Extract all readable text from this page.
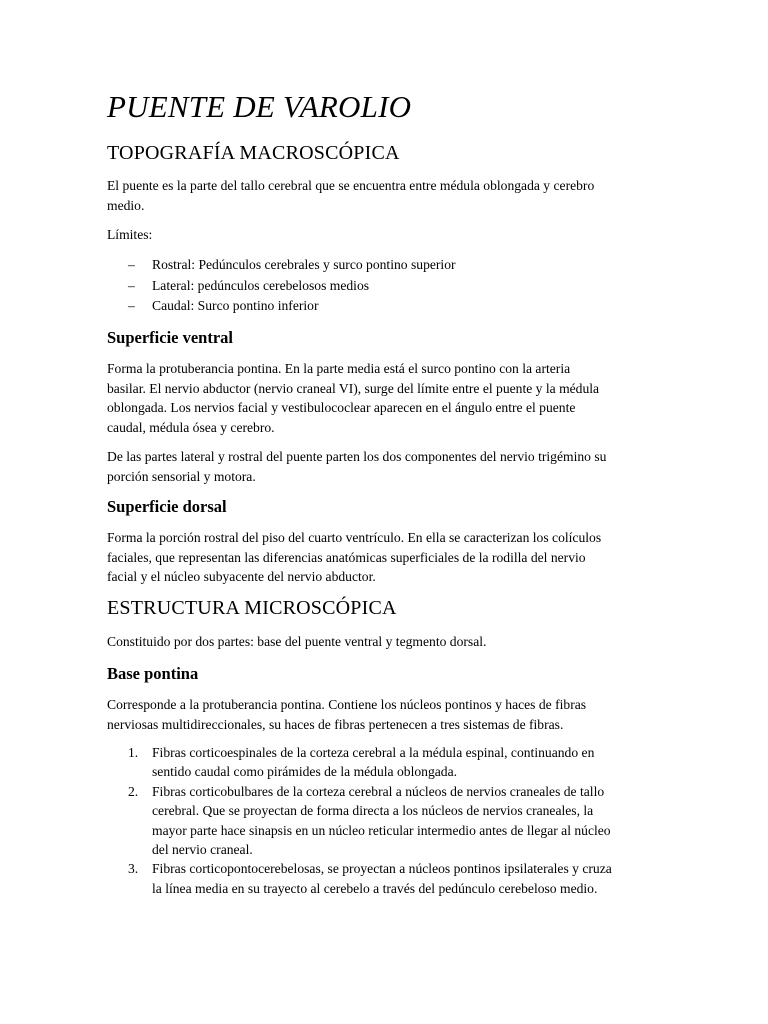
PUENTE DE VAROLIO
TOPOGRAFÍA MACROSCÓPICA
El puente es la parte del tallo cerebral que se encuentra entre médula oblongada y cerebro
medio.
Límites:
– Rostral: Pedúnculos cerebrales y surco pontino superior
– Lateral: pedúnculos cerebelosos medios
– Caudal: Surco pontino inferior
Superficie ventral
Forma la protuberancia pontina. En la parte media está el surco pontino con la arteria
basilar. El nervio abductor (nervio craneal VI), surge del límite entre el puente y la médula
oblongada. Los nervios facial y vestibulococlear aparecen en el ángulo entre el puente
caudal, médula ósea y cerebro.
De las partes lateral y rostral del puente parten los dos componentes del nervio trigémino su
porción sensorial y motora.
Superficie dorsal
Forma la porción rostral del piso del cuarto ventrículo. En ella se caracterizan los colículos
faciales, que representan las diferencias anatómicas superficiales de la rodilla del nervio
facial y el núcleo subyacente del nervio abductor.
ESTRUCTURA MICROSCÓPICA
Constituido por dos partes: base del puente ventral y tegmento dorsal.
Base pontina
Corresponde a la protuberancia pontina. Contiene los núcleos pontinos y haces de fibras
nerviosas multidireccionales, su haces de fibras pertenecen a tres sistemas de fibras.
1. Fibras corticoespinales de la corteza cerebral a la médula espinal, continuando en
sentido caudal como pirámides de la médula oblongada.
2. Fibras corticobulbares de la corteza cerebral a núcleos de nervios craneales de tallo
cerebral. Que se proyectan de forma directa a los núcleos de nervios craneales, la
mayor parte hace sinapsis en un núcleo reticular intermedio antes de llegar al núcleo
del nervio craneal.
3. Fibras corticopontocerebelosas, se proyectan a núcleos pontinos ipsilaterales y cruza
la línea media en su trayecto al cerebelo a través del pedúnculo cerebeloso medio.
